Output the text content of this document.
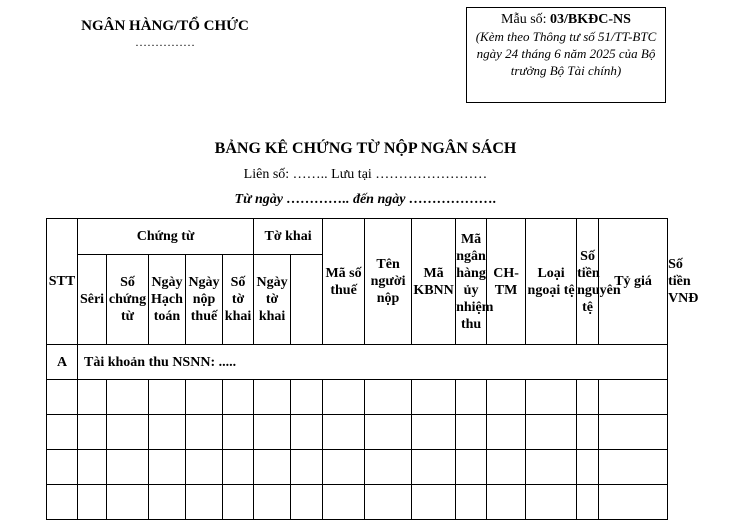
NGÂN HÀNG/TỔ CHỨC
……………
Mẫu số: 03/BKĐC-NS
(Kèm theo Thông tư số 51/TT-BTC ngày 24 tháng 6 năm 2025 của Bộ trưởng Bộ Tài chính)
BẢNG KÊ CHỨNG TỪ NỘP NGÂN SÁCH
Liên số: …….. Lưu tại ……………………
Từ ngày ………….. đến ngày ……………….
STT	Chứng từ					Tờ khai		Mã số thuế	Tên người nộp	Mã KBNN	Mã ngân hàng ủy nhiệm thu	CH-TM	Loại ngoại tệ	Số tiền nguyên tệ	Tỷ giá	Số tiền VNĐ
	Sêri	Số chứng từ	Ngày Hạch toán	Ngày nộp thuế	Số tờ khai	Ngày tờ khai										
A	Tài khoản thu NSNN: .....															
